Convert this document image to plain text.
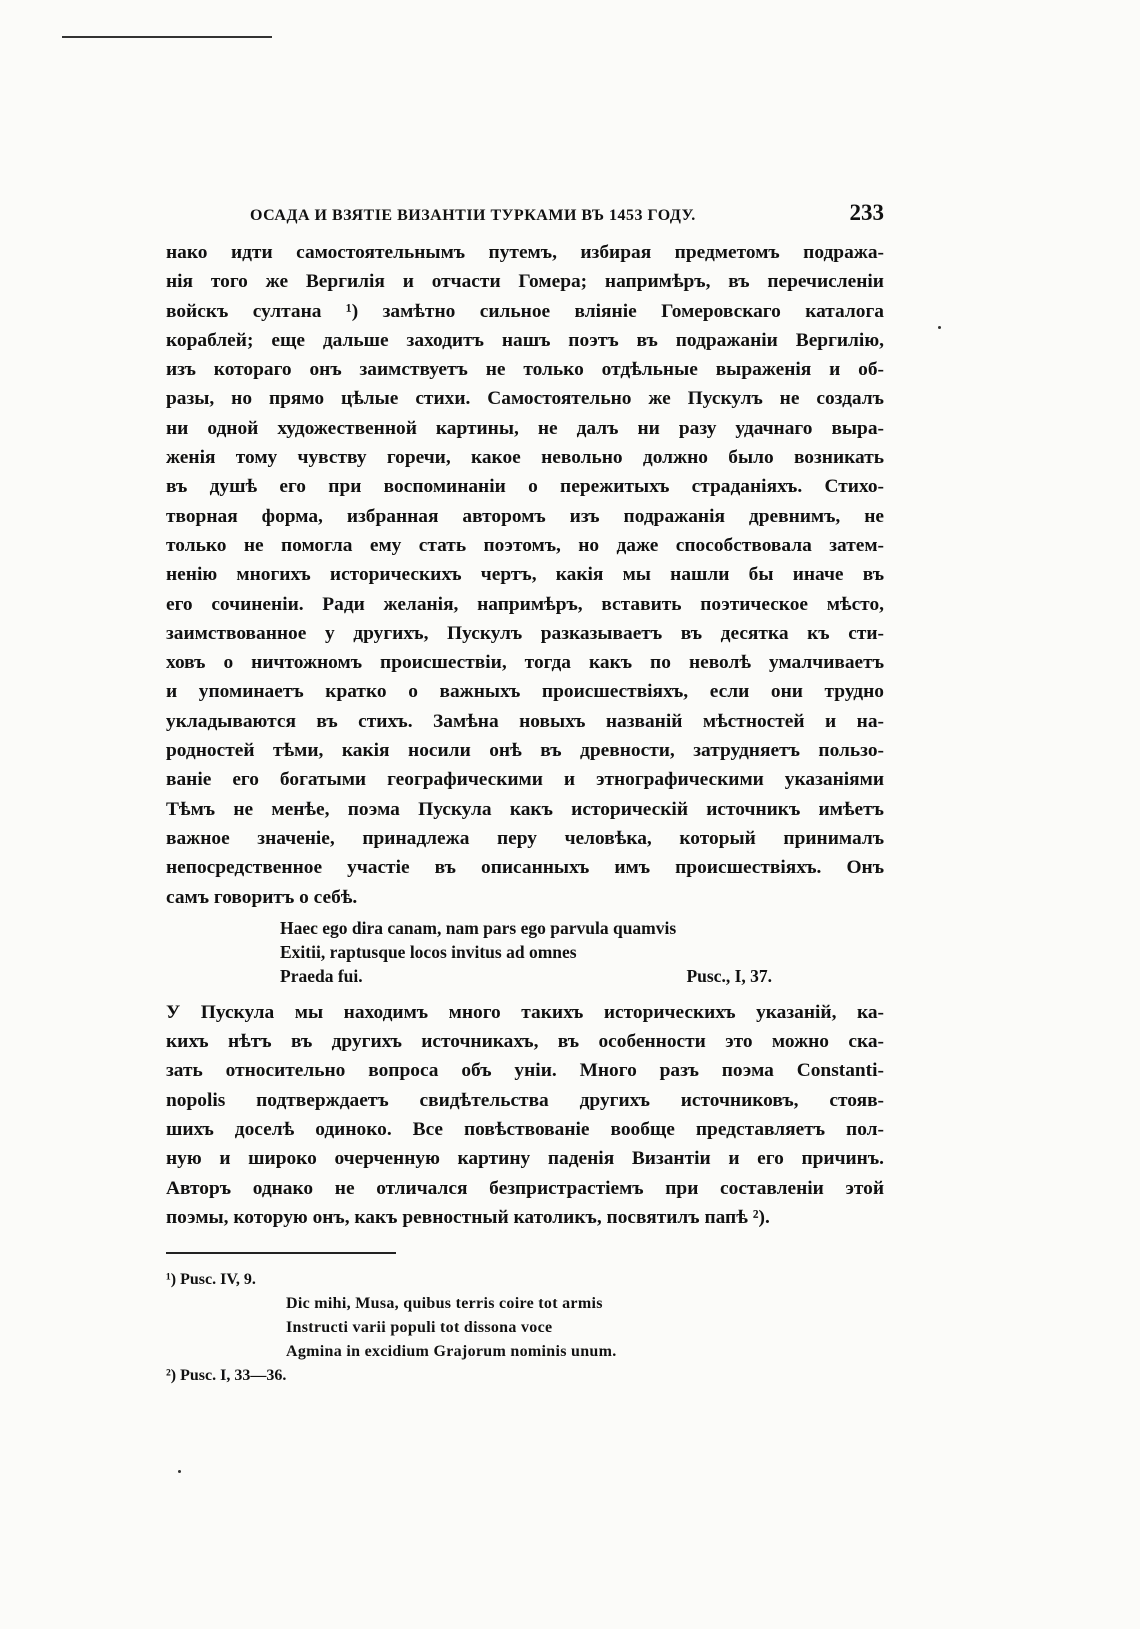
ОСАДА И ВЗЯТІЕ ВИЗАНТІИ ТУРКАМИ ВЪ 1453 ГОДУ.	233

нако идти самостоятельнымъ путемъ, избирая предметомъ подража-
нія того же Вергилія и отчасти Гомера; напримѣръ, въ перечисленіи
войскъ султана ¹) замѣтно сильное вліяніе Гомеровскаго каталога
кораблей; еще дальше заходитъ нашъ поэтъ въ подражаніи Вергилію,
изъ котораго онъ заимствуетъ не только отдѣльные выраженія и об-
разы, но прямо цѣлые стихи. Самостоятельно же Пускулъ не создалъ
ни одной художественной картины, не далъ ни разу удачнаго выра-
женія тому чувству горечи, какое невольно должно было возникать
въ душѣ его при воспоминаніи о пережитыхъ страданіяхъ. Стихо-
творная форма, избранная авторомъ изъ подражанія древнимъ, не
только не помогла ему стать поэтомъ, но даже способствовала затем-
ненію многихъ историческихъ чертъ, какія мы нашли бы иначе въ
его сочиненіи. Ради желанія, напримѣръ, вставить поэтическое мѣсто,
заимствованное у другихъ, Пускулъ разказываетъ въ десятка къ сти-
ховъ о ничтожномъ происшествіи, тогда какъ по неволѣ умалчиваетъ
и упоминаетъ кратко о важныхъ происшествіяхъ, если они трудно
укладываются въ стихъ. Замѣна новыхъ названій мѣстностей и на-
родностей тѣми, какія носили онѣ въ древности, затрудняетъ пользо-
ваніе его богатыми географическими и этнографическими указаніями
Тѣмъ не менѣе, поэма Пускула какъ историческій источникъ имѣетъ
важное значеніе, принадлежа перу человѣка, который принималъ
непосредственное участіе въ описанныхъ имъ происшествіяхъ. Онъ
самъ говоритъ о себѣ.

Haec ego dira canam, nam pars ego parvula quamvis
Exitii, raptusque locos invitus ad omnes
Praeda fui.	Pusc., I, 37.

У Пускула мы находимъ много такихъ историческихъ указаній, ка-
кихъ нѣтъ въ другихъ источникахъ, въ особенности это можно ска-
зать относительно вопроса объ уніи. Много разъ поэма Constanti-
nopolis подтверждаетъ свидѣтельства другихъ источниковъ, стояв-
шихъ доселѣ одиноко. Все повѣствованіе вообще представляетъ пол-
ную и широко очерченную картину паденія Византіи и его причинъ.
Авторъ однако не отличался безпристрастіемъ при составленіи этой
поэмы, которую онъ, какъ ревностный католикъ, посвятилъ папѣ ²).

¹) Pusc. IV, 9.

Dic mihi, Musa, quibus terris coire tot armis
Instructi varii populi tot dissona voce
Agmina in excidium Grajorum nominis unum.

²) Pusc. I, 33—36.
